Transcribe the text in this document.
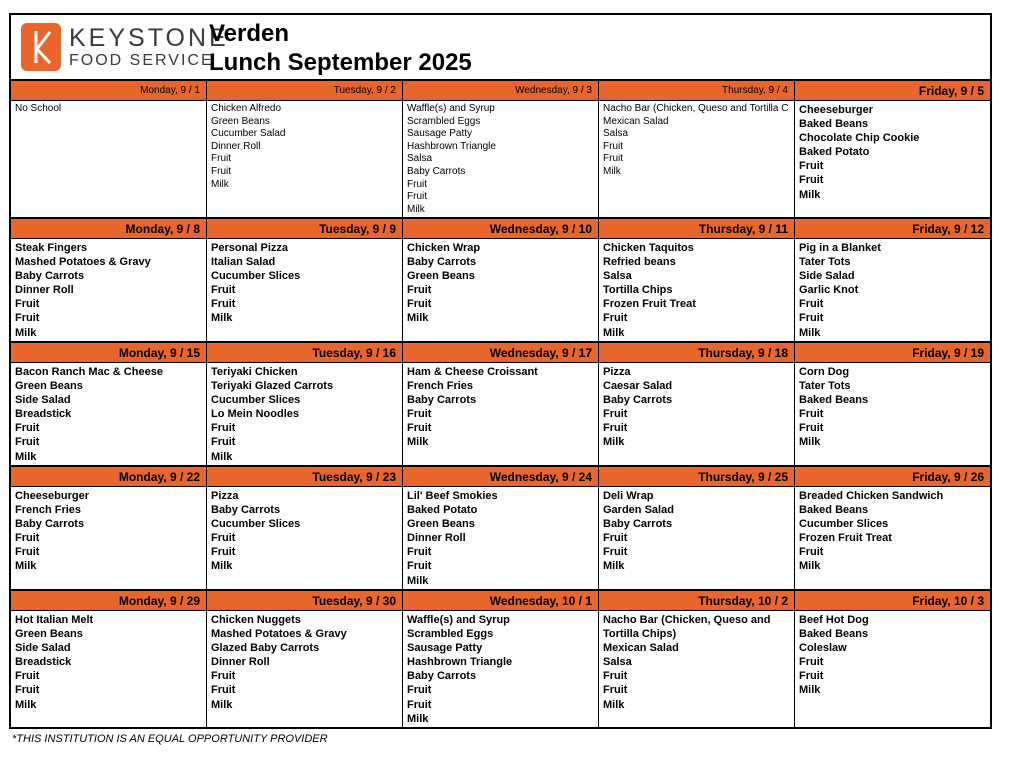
KEYSTONE
FOOD SERVICE
Verden
Lunch September 2025
Monday, 9 / 1
No School
Tuesday, 9 / 2
Chicken Alfredo
Green Beans
Cucumber Salad
Dinner Roll
Fruit
Fruit
Milk
Wednesday, 9 / 3
Waffle(s) and Syrup
Scrambled Eggs
Sausage Patty
Hashbrown Triangle
Salsa
Baby Carrots
Fruit
Fruit
Milk
Thursday, 9 / 4
Nacho Bar (Chicken, Queso and Tortilla C
Mexican Salad
Salsa
Fruit
Fruit
Milk
Friday, 9 / 5
Cheeseburger
Baked Beans
Chocolate Chip Cookie
Baked Potato
Fruit
Fruit
Milk
Monday, 9 / 8
Steak Fingers
Mashed Potatoes & Gravy
Baby Carrots
Dinner Roll
Fruit
Fruit
Milk
Tuesday, 9 / 9
Personal Pizza
Italian Salad
Cucumber Slices
Fruit
Fruit
Milk
Wednesday, 9 / 10
Chicken Wrap
Baby Carrots
Green Beans
Fruit
Fruit
Milk
Thursday, 9 / 11
Chicken Taquitos
Refried beans
Salsa
Tortilla Chips
Frozen Fruit Treat
Fruit
Milk
Friday, 9 / 12
Pig in a Blanket
Tater Tots
Side Salad
Garlic Knot
Fruit
Fruit
Milk
Monday, 9 / 15
Bacon Ranch Mac & Cheese
Green Beans
Side Salad
Breadstick
Fruit
Fruit
Milk
Tuesday, 9 / 16
Teriyaki Chicken
Teriyaki Glazed Carrots
Cucumber Slices
Lo Mein Noodles
Fruit
Fruit
Milk
Wednesday, 9 / 17
Ham & Cheese Croissant
French Fries
Baby Carrots
Fruit
Fruit
Milk
Thursday, 9 / 18
Pizza
Caesar Salad
Baby Carrots
Fruit
Fruit
Milk
Friday, 9 / 19
Corn Dog
Tater Tots
Baked Beans
Fruit
Fruit
Milk
Monday, 9 / 22
Cheeseburger
French Fries
Baby Carrots
Fruit
Fruit
Milk
Tuesday, 9 / 23
Pizza
Baby Carrots
Cucumber Slices
Fruit
Fruit
Milk
Wednesday, 9 / 24
Lil' Beef Smokies
Baked Potato
Green Beans
Dinner Roll
Fruit
Fruit
Milk
Thursday, 9 / 25
Deli Wrap
Garden Salad
Baby Carrots
Fruit
Fruit
Milk
Friday, 9 / 26
Breaded Chicken Sandwich
Baked Beans
Cucumber Slices
Frozen Fruit Treat
Fruit
Milk
Monday, 9 / 29
Hot Italian Melt
Green Beans
Side Salad
Breadstick
Fruit
Fruit
Milk
Tuesday, 9 / 30
Chicken Nuggets
Mashed Potatoes & Gravy
Glazed Baby Carrots
Dinner Roll
Fruit
Fruit
Milk
Wednesday, 10 / 1
Waffle(s) and Syrup
Scrambled Eggs
Sausage Patty
Hashbrown Triangle
Baby Carrots
Fruit
Fruit
Milk
Thursday, 10 / 2
Nacho Bar (Chicken, Queso and Tortilla Chips)
Mexican Salad
Salsa
Fruit
Fruit
Milk
Friday, 10 / 3
Beef Hot Dog
Baked Beans
Coleslaw
Fruit
Fruit
Milk
*THIS INSTITUTION IS AN EQUAL OPPORTUNITY PROVIDER
